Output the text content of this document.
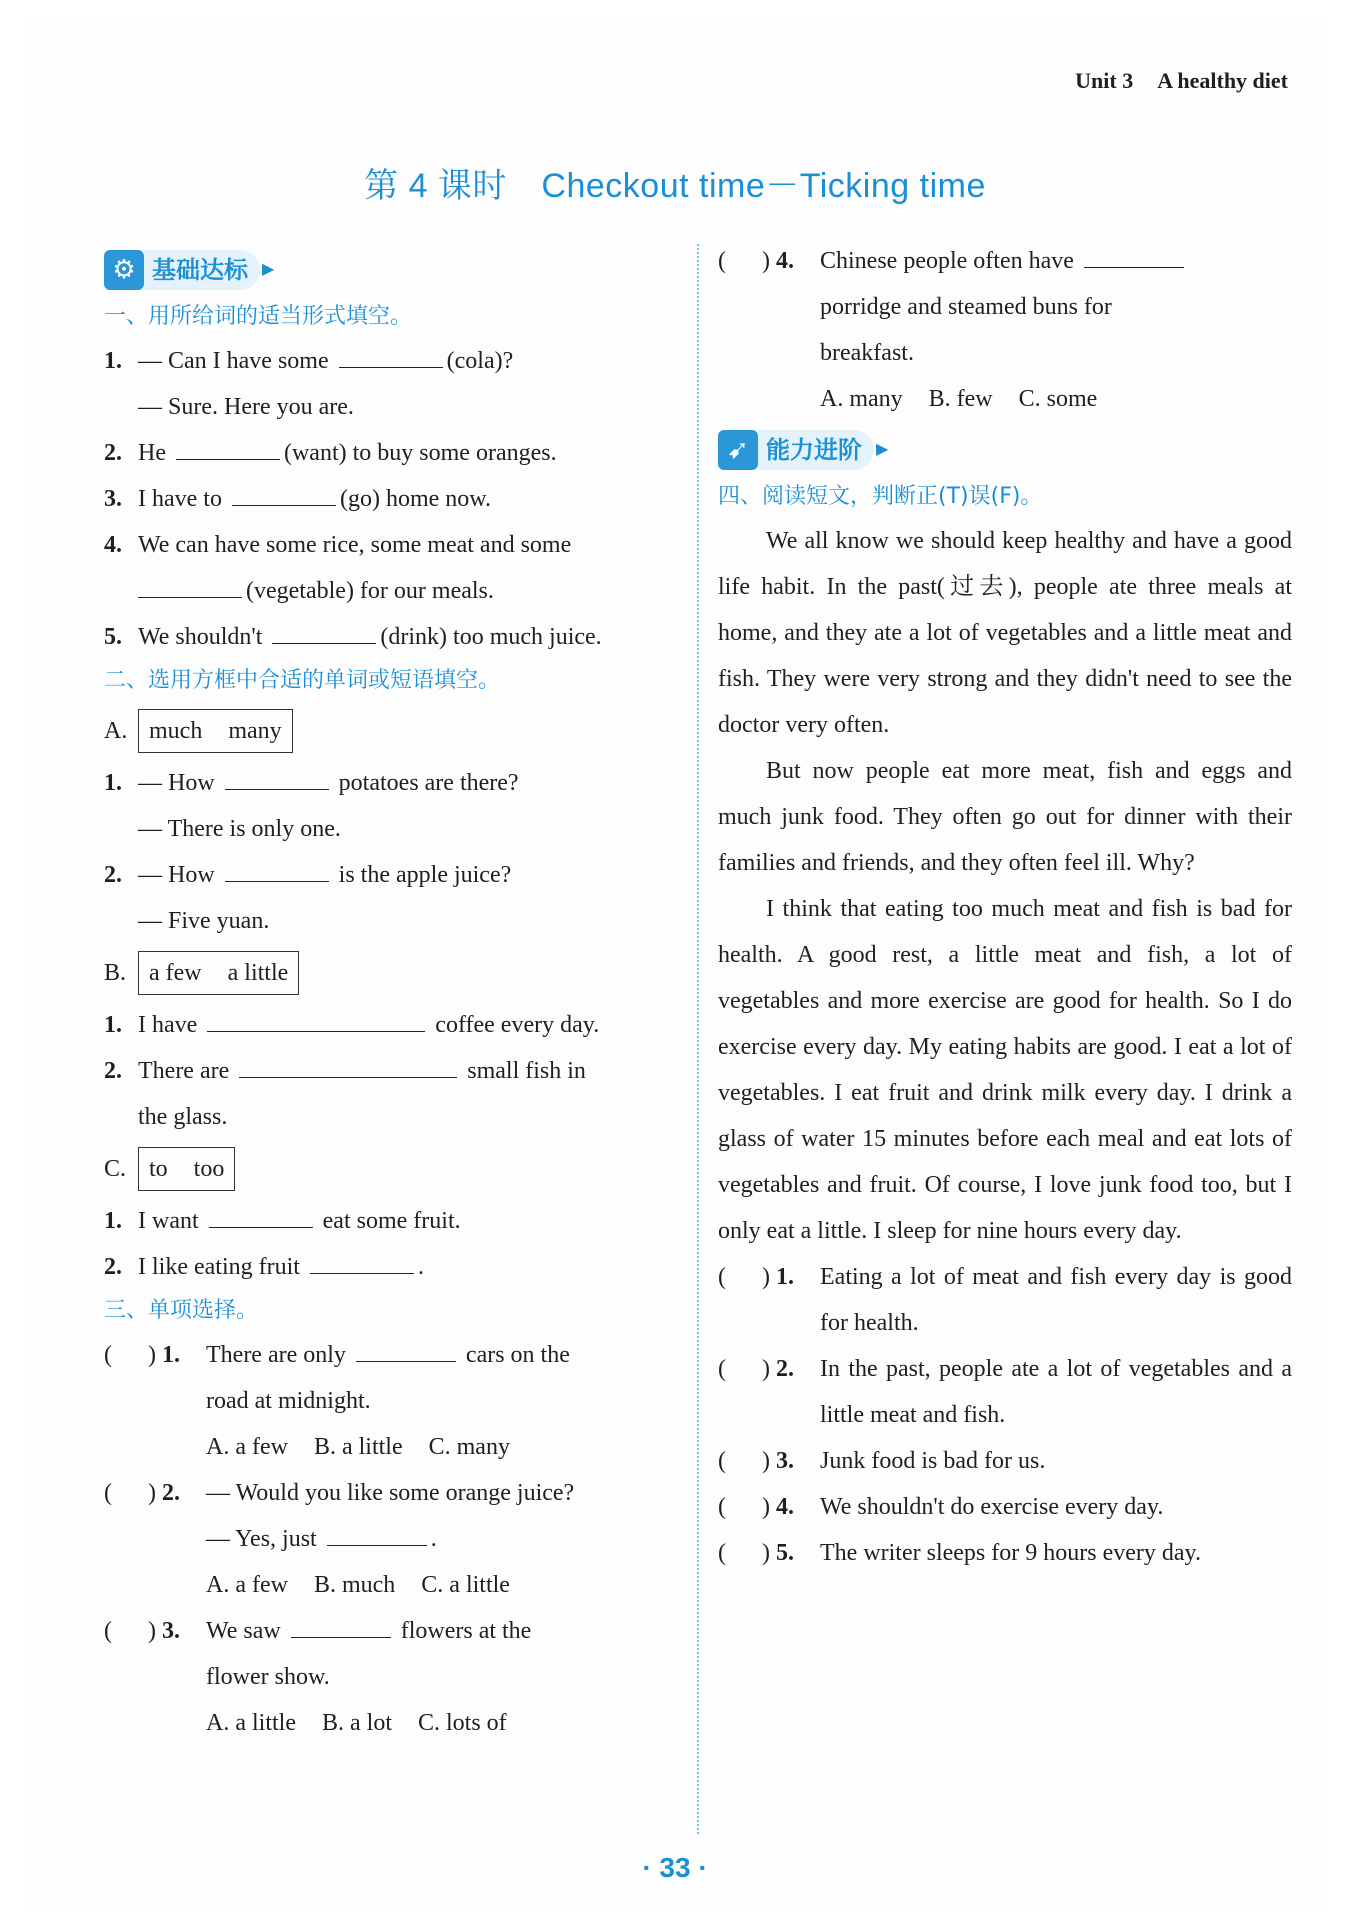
Unit 3 A healthy diet
第 4 课时　Checkout time－Ticking time
⚙ 基础达标 ▶
一、用所给词的适当形式填空。
1. — Can I have some	(cola)?
— Sure. Here you are.
2. He	(want) to buy some oranges.
3. I have to	(go) home now.
4. We can have some rice, some meat and some
(vegetable) for our meals.
5. We shouldn't	(drink) too much juice.
二、选用方框中合适的单词或短语填空。
A. much many
1. — How	potatoes are there?
— There is only one.
2. — How	is the apple juice?
— Five yuan.
B. a few a little
1. I have	coffee every day.
2. There are	small fish in
the glass.
C. to too
1. I want	eat some fruit.
2. I like eating fruit	.
三、单项选择。
(   ) 1.	There are only	cars on the
road at midnight.
A. a few B. a little C. many
(   ) 2.	— Would you like some orange juice?
— Yes, just	.
A. a few B. much C. a little
(   ) 3.	We saw	flowers at the
flower show.
A. a little B. a lot C. lots of
(   ) 4.	Chinese people often have
porridge and steamed buns for
breakfast.
A. many B. few C. some
➹ 能力进阶 ▶
四、阅读短文，判断正(T)误(F)。

We all know we should keep healthy and have a good life habit. In the past(过去), people ate three meals at home, and they ate a lot of vegetables and a little meat and fish. They were very strong and they didn't need to see the doctor very often.

But now people eat more meat, fish and eggs and much junk food. They often go out for dinner with their families and friends, and they often feel ill. Why?

I think that eating too much meat and fish is bad for health. A good rest, a little meat and fish, a lot of vegetables and more exercise are good for health. So I do exercise every day. My eating habits are good. I eat a lot of vegetables. I eat fruit and drink milk every day. I drink a glass of water 15 minutes before each meal and eat lots of vegetables and fruit. Of course, I love junk food too, but I only eat a little. I sleep for nine hours every day.

(   ) 1.	Eating a lot of meat and fish every day is good for health.
(   ) 2.	In the past, people ate a lot of vegetables and a little meat and fish.
(   ) 3.	Junk food is bad for us.
(   ) 4.	We shouldn't do exercise every day.
(   ) 5.	The writer sleeps for 9 hours every day.
· 33 ·
